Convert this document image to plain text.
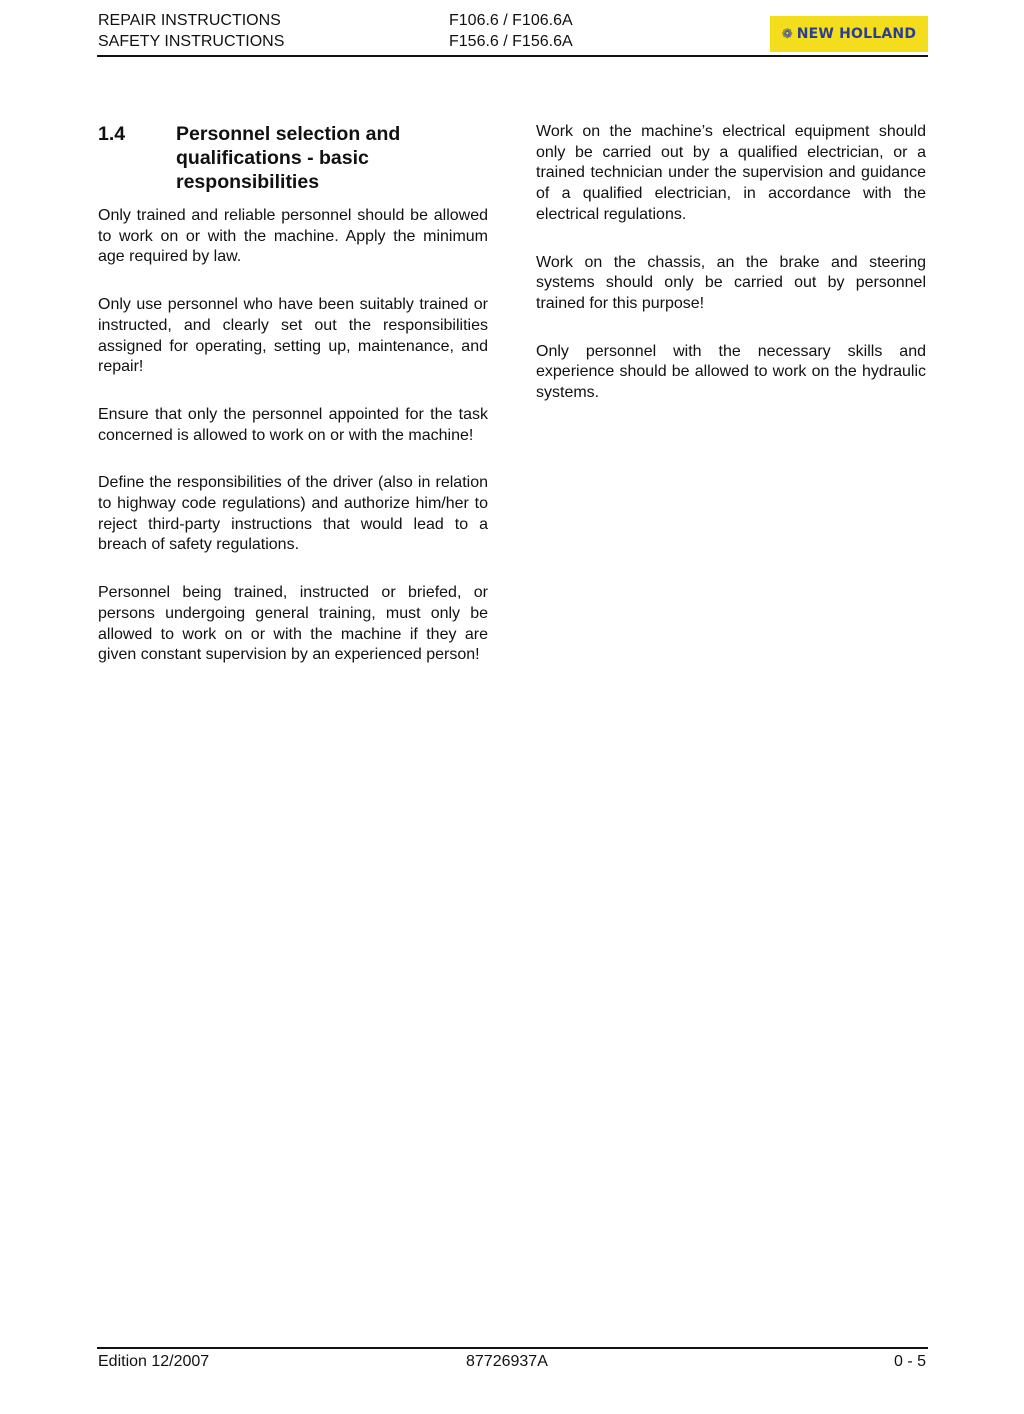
REPAIR INSTRUCTIONS
SAFETY INSTRUCTIONS
F106.6 / F106.6A
F156.6 / F156.6A	❁ NEW HOLLAND
1.4	Personnel selection and qualifications - basic responsibilities

Only trained and reliable personnel should be allowed to work on or with the machine. Apply the minimum age required by law.

Only use personnel who have been suitably trained or instructed, and clearly set out the responsibilities assigned for operating, setting up, maintenance, and repair!

Ensure that only the personnel appointed for the task concerned is allowed to work on or with the machine!

Define the responsibilities of the driver (also in relation to highway code regulations) and authorize him/her to reject third-party instructions that would lead to a breach of safety regulations.

Personnel being trained, instructed or briefed, or persons undergoing general training, must only be allowed to work on or with the machine if they are given constant supervision by an experienced person!

Work on the machine’s electrical equipment should only be carried out by a qualified electrician, or a trained technician under the supervision and guidance of a qualified electrician, in accordance with the electrical regulations.

Work on the chassis, an the brake and steering systems should only be carried out by personnel trained for this purpose!

Only personnel with the necessary skills and experience should be allowed to work on the hydraulic systems.

Edition 12/2007	87726937A	0 - 5
